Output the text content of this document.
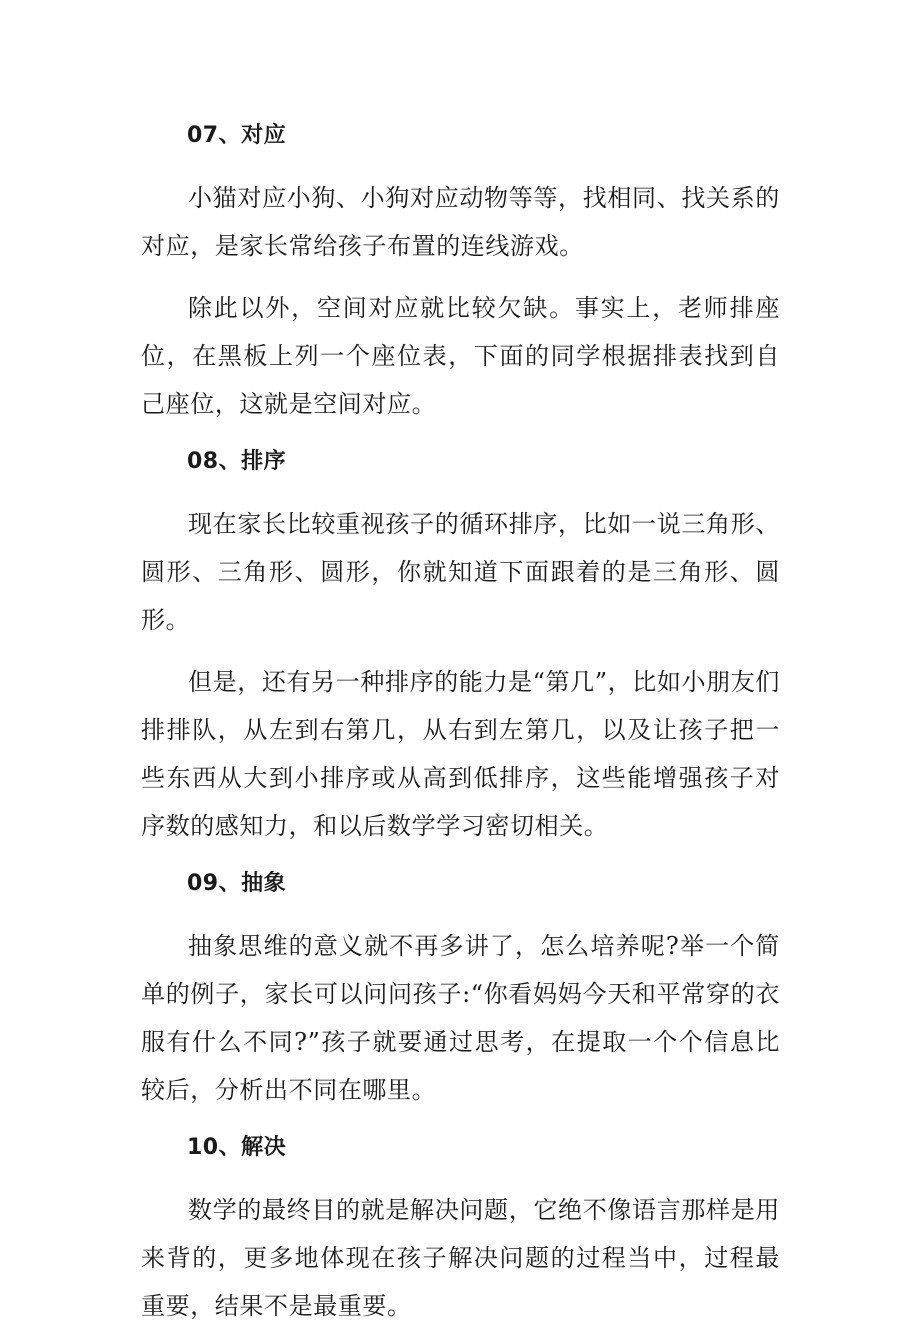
07、对应

小猫对应小狗、小狗对应动物等等，找相同、找关系的对应，是家长常给孩子布置的连线游戏。

除此以外，空间对应就比较欠缺。事实上，老师排座位，在黑板上列一个座位表，下面的同学根据排表找到自己座位，这就是空间对应。

08、排序

现在家长比较重视孩子的循环排序，比如一说三角形、圆形、三角形、圆形，你就知道下面跟着的是三角形、圆形。

但是，还有另一种排序的能力是“第几”，比如小朋友们排排队，从左到右第几，从右到左第几，以及让孩子把一些东西从大到小排序或从高到低排序，这些能增强孩子对序数的感知力，和以后数学学习密切相关。

09、抽象

抽象思维的意义就不再多讲了，怎么培养呢?举一个简单的例子，家长可以问问孩子:“你看妈妈今天和平常穿的衣服有什么不同?”孩子就要通过思考，在提取一个个信息比较后，分析出不同在哪里。

10、解决

数学的最终目的就是解决问题，它绝不像语言那样是用来背的，更多地体现在孩子解决问题的过程当中，过程最重要，结果不是最重要。
